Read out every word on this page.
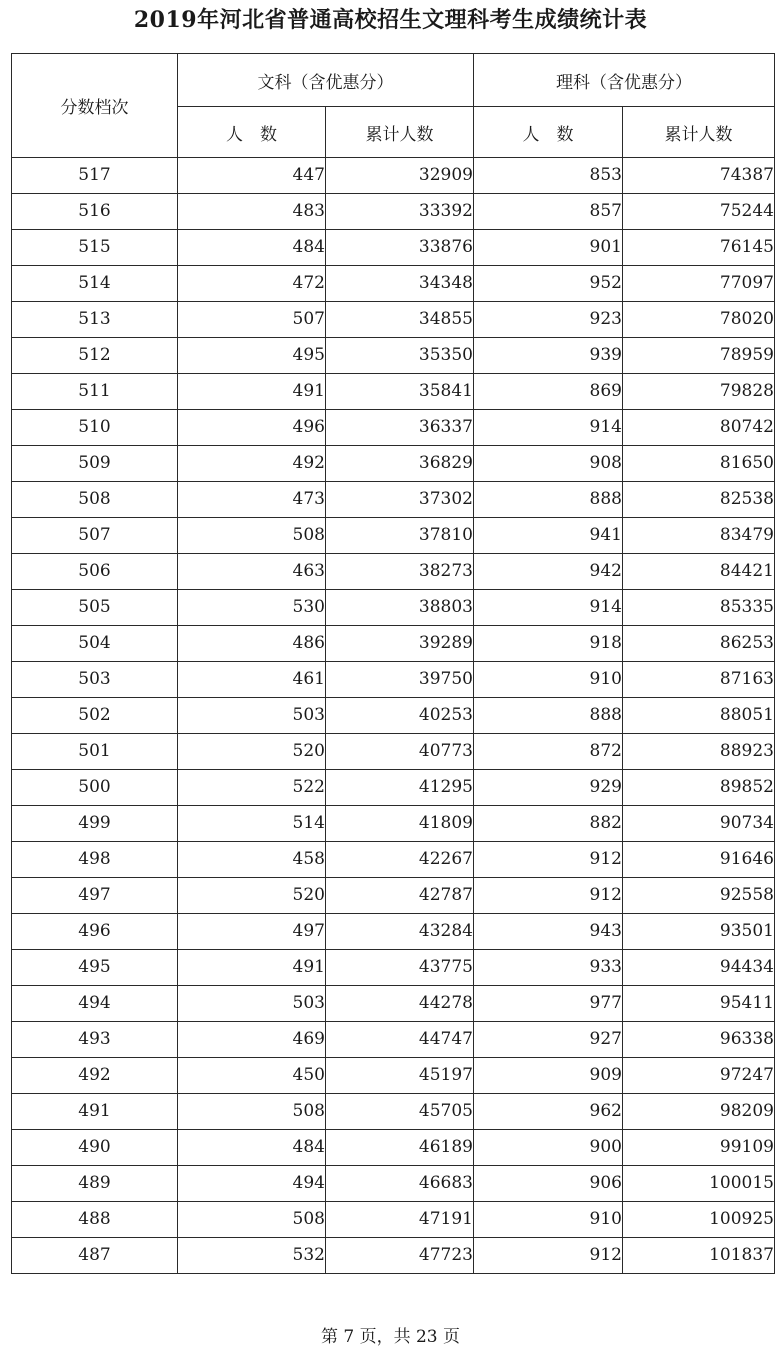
2019年河北省普通高校招生文理科考生成绩统计表
分数档次	文科（含优惠分）		理科（含优惠分）	
	人　数	累计人数	人　数	累计人数
517	447	32909	853	74387
516	483	33392	857	75244
515	484	33876	901	76145
514	472	34348	952	77097
513	507	34855	923	78020
512	495	35350	939	78959
511	491	35841	869	79828
510	496	36337	914	80742
509	492	36829	908	81650
508	473	37302	888	82538
507	508	37810	941	83479
506	463	38273	942	84421
505	530	38803	914	85335
504	486	39289	918	86253
503	461	39750	910	87163
502	503	40253	888	88051
501	520	40773	872	88923
500	522	41295	929	89852
499	514	41809	882	90734
498	458	42267	912	91646
497	520	42787	912	92558
496	497	43284	943	93501
495	491	43775	933	94434
494	503	44278	977	95411
493	469	44747	927	96338
492	450	45197	909	97247
491	508	45705	962	98209
490	484	46189	900	99109
489	494	46683	906	100015
488	508	47191	910	100925
487	532	47723	912	101837
第 7 页，共 23 页
